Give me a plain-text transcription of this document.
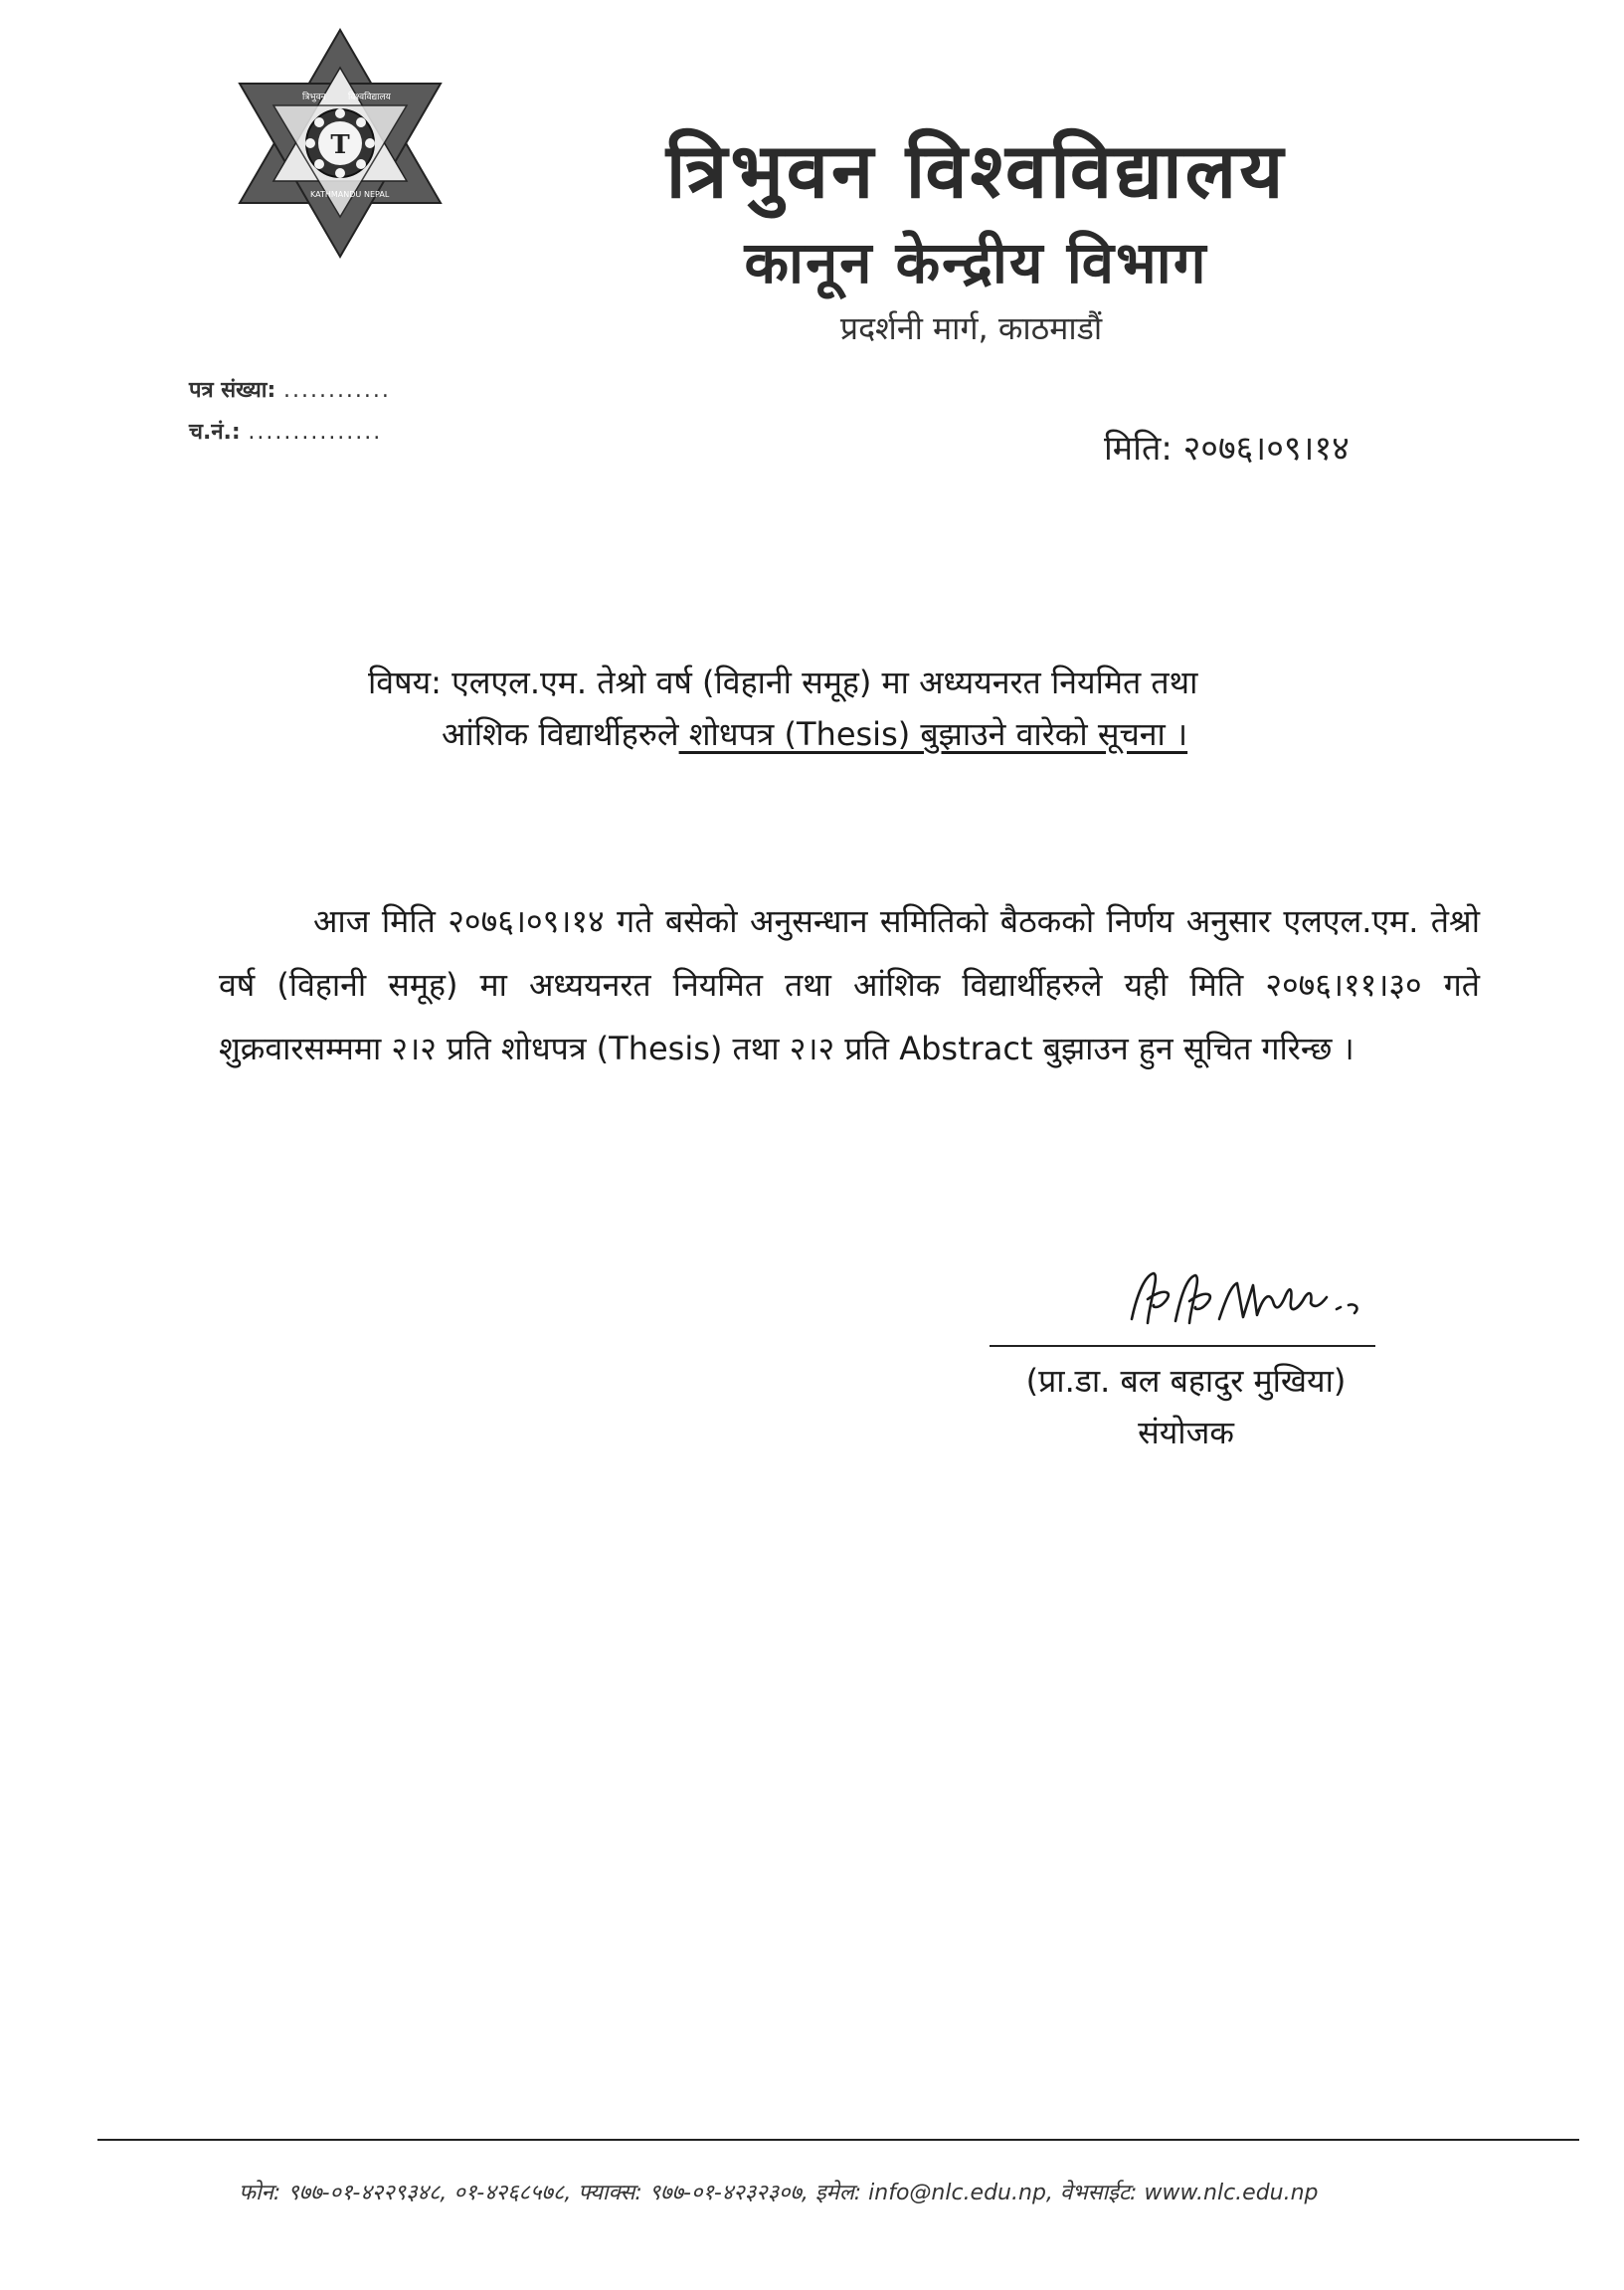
T
त्रिभुवन विश्वविद्यालय
KATHMANDU NEPAL	त्रिभुवन विश्वविद्यालय
कानून केन्द्रीय विभाग
प्रदर्शनी मार्ग, काठमाडौं
पत्र संख्या: ............
च.नं.: ...............	मिति: २०७६।०९।१४
विषय: एलएल.एम. तेश्रो वर्ष (विहानी समूह) मा अध्ययनरत नियमित तथा
आंशिक विद्यार्थीहरुले शोधपत्र (Thesis) बुझाउने वारेको सूचना ।
आज मिति २०७६।०९।१४ गते बसेको अनुसन्धान समितिको बैठकको निर्णय अनुसार एलएल.एम. तेश्रो वर्ष (विहानी समूह) मा अध्ययनरत नियमित तथा आंशिक विद्यार्थीहरुले यही मिति २०७६।११।३० गते शुक्रवारसम्ममा २।२ प्रति शोधपत्र (Thesis) तथा २।२ प्रति Abstract बुझाउन हुन सूचित गरिन्छ ।
(प्रा.डा. बल बहादुर मुखिया)
संयोजक
फोन: ९७७-०१-४२२९३४८, ०१-४२६८५७८, फ्याक्स: ९७७-०१-४२३२३०७, इमेल: info@nlc.edu.np, वेभसाईट: www.nlc.edu.np
